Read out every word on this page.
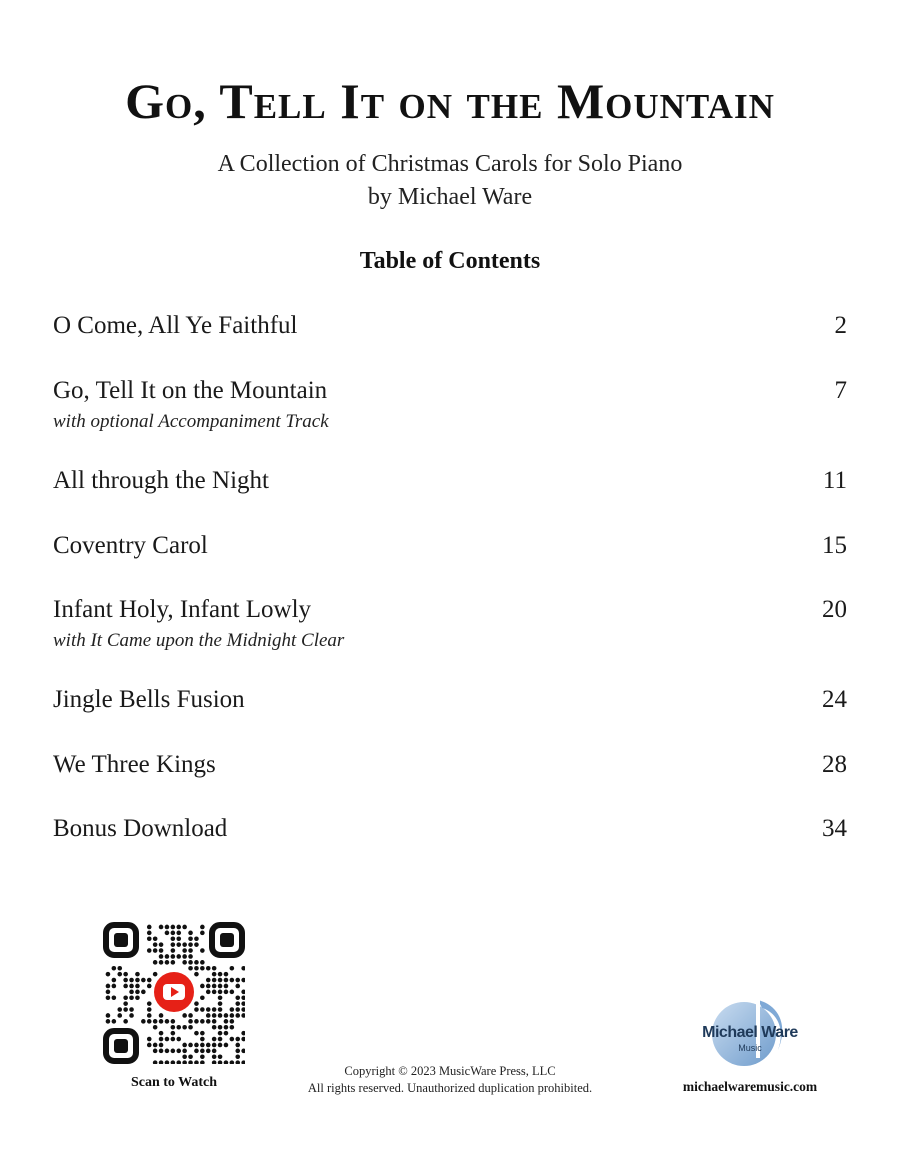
Go, Tell It on the Mountain
A Collection of Christmas Carols for Solo Piano
by Michael Ware
Table of Contents
O Come, All Ye Faithful	2
Go, Tell It on the Mountain	7
with optional Accompaniment Track
All through the Night	11
Coventry Carol	15
Infant Holy, Infant Lowly	20
with It Came upon the Midnight Clear
Jingle Bells Fusion	24
We Three Kings	28
Bonus Download	34
Scan to Watch
Copyright © 2023 MusicWare Press, LLC
All rights reserved. Unauthorized duplication prohibited.
Michael Ware
Music
michaelwaremusic.com
